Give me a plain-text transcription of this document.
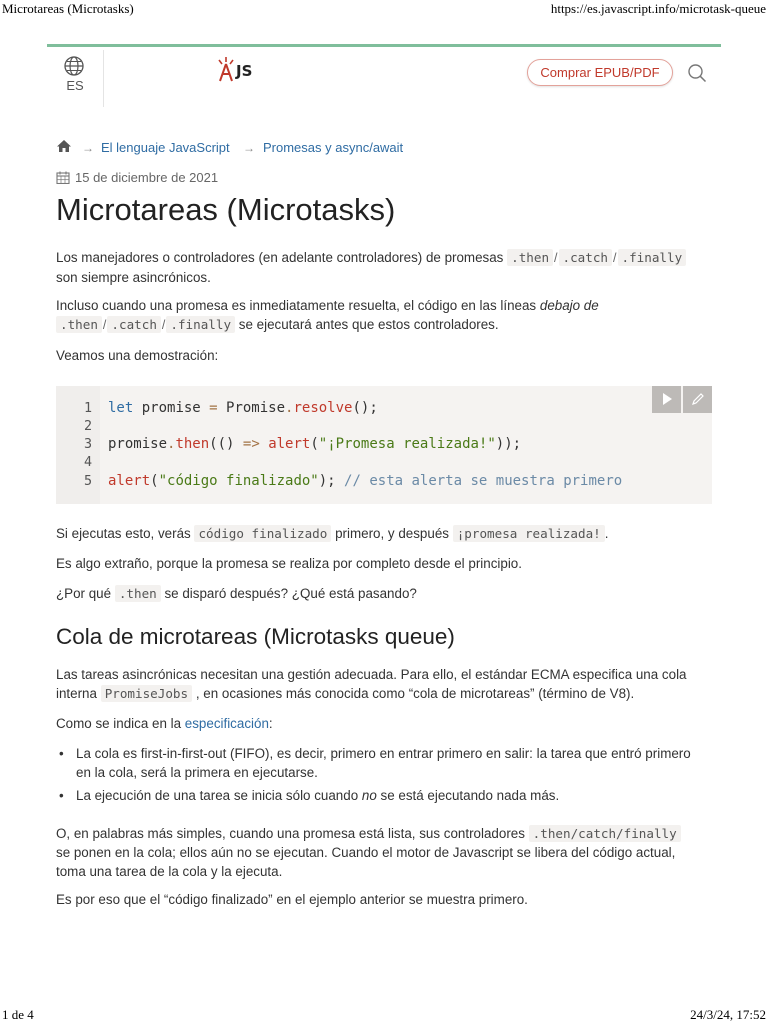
Microtareas (Microtasks)	https://es.javascript.info/microtask-queue
ES
JS	Comprar EPUB/PDF
→ El lenguaje JavaScript → Promesas y async/await
15 de diciembre de 2021
Microtareas (Microtasks)
Los manejadores o controladores (en adelante controladores) de promesas .then / .catch / .finally
son siempre asincrónicos.
Incluso cuando una promesa es inmediatamente resuelta, el código en las líneas debajo de
.then / .catch / .finally se ejecutará antes que estos controladores.
Veamos una demostración:
1
2
3
4
5
let promise = Promise.resolve();
promise.then(() => alert("¡Promesa realizada!"));
alert("código finalizado"); // esta alerta se muestra primero
Si ejecutas esto, verás código finalizado primero, y después ¡promesa realizada! .
Es algo extraño, porque la promesa se realiza por completo desde el principio.
¿Por qué .then se disparó después? ¿Qué está pasando?
Cola de microtareas (Microtasks queue)
Las tareas asincrónicas necesitan una gestión adecuada. Para ello, el estándar ECMA especifica una cola
interna PromiseJobs , en ocasiones más conocida como “cola de microtareas” (término de V8).
Como se indica en la especificación:
• La cola es first-in-first-out (FIFO), es decir, primero en entrar primero en salir: la tarea que entró primero
en la cola, será la primera en ejecutarse.
• La ejecución de una tarea se inicia sólo cuando no se está ejecutando nada más.
O, en palabras más simples, cuando una promesa está lista, sus controladores .then/catch/finally
se ponen en la cola; ellos aún no se ejecutan. Cuando el motor de Javascript se libera del código actual,
toma una tarea de la cola y la ejecuta.
Es por eso que el “código finalizado” en el ejemplo anterior se muestra primero.
1 de 4	24/3/24, 17:52
